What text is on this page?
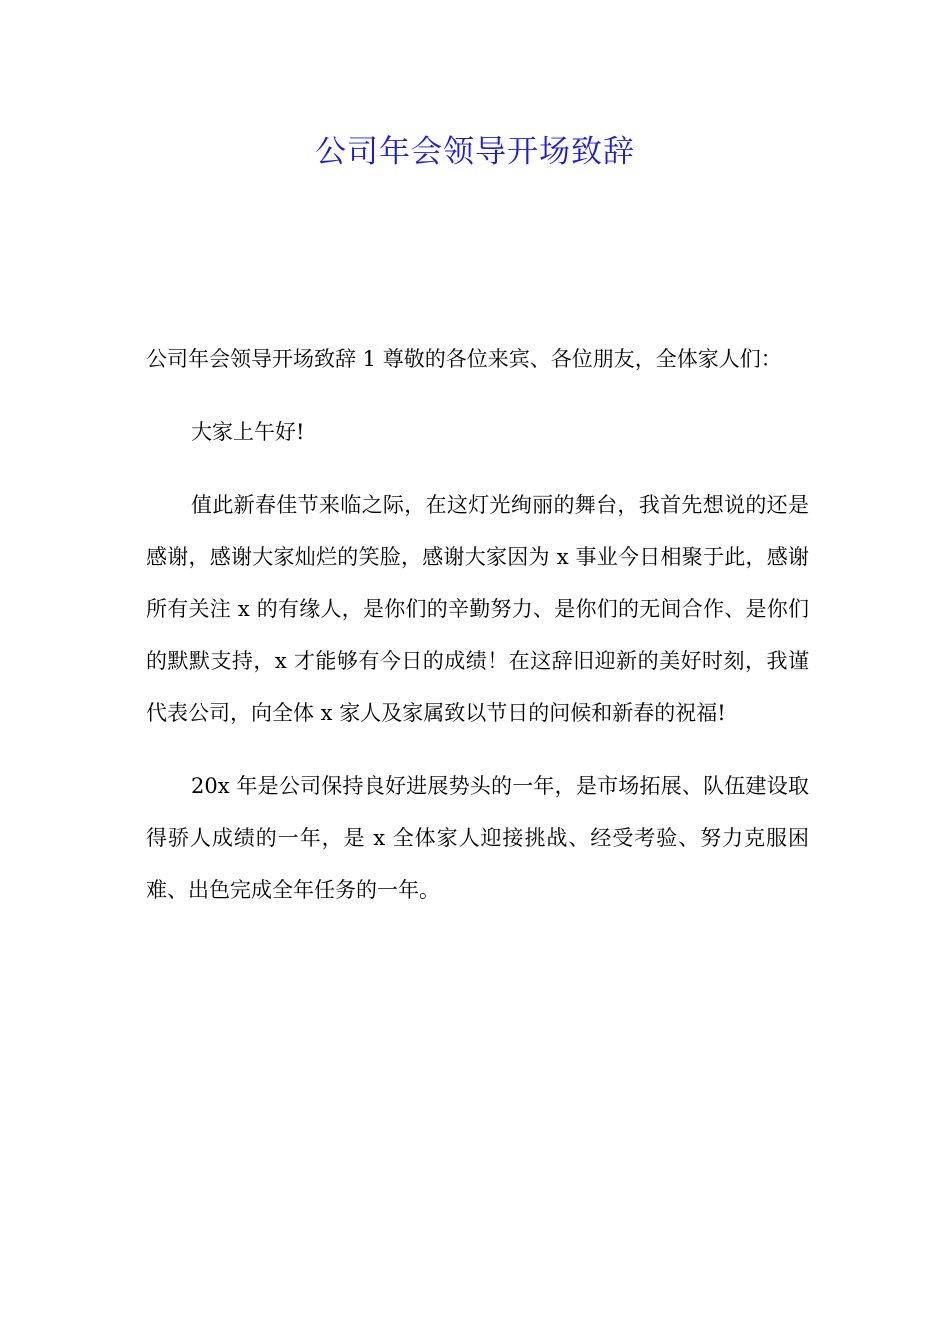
公司年会领导开场致辞

公司年会领导开场致辞 1 尊敬的各位来宾、各位朋友，全体家人们：

大家上午好!

值此新春佳节来临之际，在这灯光绚丽的舞台，我首先想说的还是感谢，感谢大家灿烂的笑脸，感谢大家因为 x 事业今日相聚于此，感谢所有关注 x 的有缘人，是你们的辛勤努力、是你们的无间合作、是你们的默默支持，x 才能够有今日的成绩！在这辞旧迎新的美好时刻，我谨代表公司，向全体 x 家人及家属致以节日的问候和新春的祝福!

20x 年是公司保持良好进展势头的一年，是市场拓展、队伍建设取得骄人成绩的一年，是 x 全体家人迎接挑战、经受考验、努力克服困难、出色完成全年任务的一年。
